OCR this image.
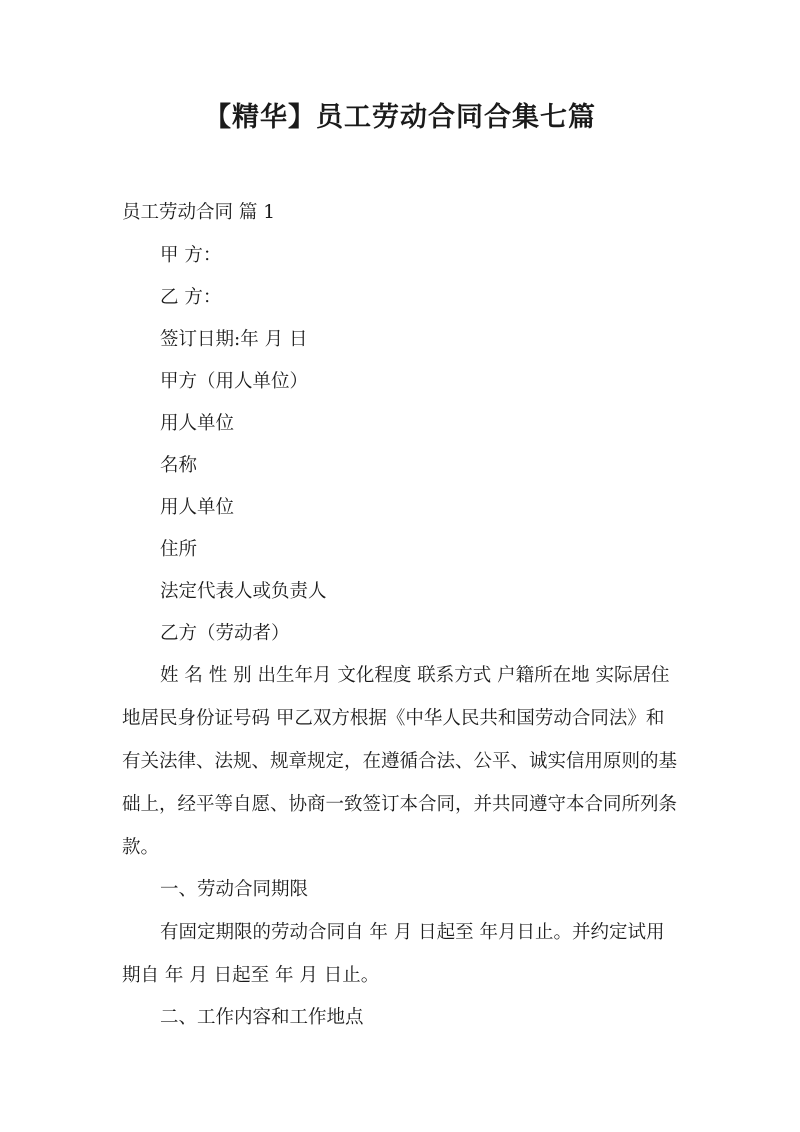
【精华】员工劳动合同合集七篇
员工劳动合同 篇 1
甲 方：
乙 方：
签订日期:年 月 日
甲方（用人单位）
用人单位
名称
用人单位
住所
法定代表人或负责人
乙方（劳动者）
姓 名 性 别 出生年月 文化程度 联系方式 户籍所在地 实际居住
地居民身份证号码 甲乙双方根据《中华人民共和国劳动合同法》和
有关法律、法规、规章规定，在遵循合法、公平、诚实信用原则的基
础上，经平等自愿、协商一致签订本合同，并共同遵守本合同所列条
款。
一、劳动合同期限
有固定期限的劳动合同自 年 月 日起至 年月日止。并约定试用
期自 年 月 日起至 年 月 日止。
二、工作内容和工作地点
